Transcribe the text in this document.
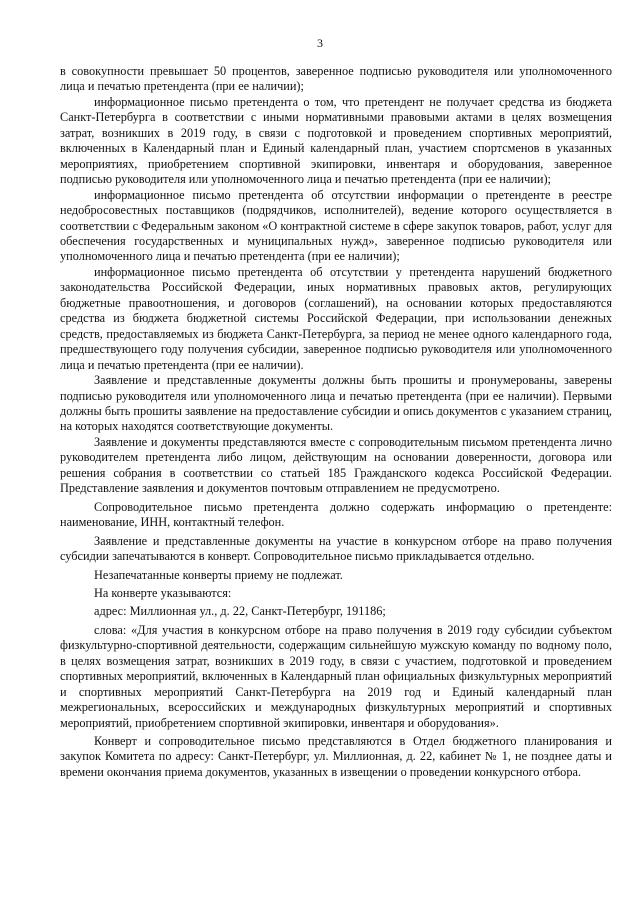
3

в совокупности превышает 50 процентов, заверенное подписью руководителя или уполномоченного лица и печатью претендента (при ее наличии);

информационное письмо претендента о том, что претендент не получает средства из бюджета Санкт-Петербурга в соответствии с иными нормативными правовыми актами в целях возмещения затрат, возникших в 2019 году, в связи с подготовкой и проведением спортивных мероприятий, включенных в Календарный план и Единый календарный план, участием спортсменов в указанных мероприятиях, приобретением спортивной экипировки, инвентаря и оборудования, заверенное подписью руководителя или уполномоченного лица и печатью претендента (при ее наличии);

информационное письмо претендента об отсутствии информации о претенденте в реестре недобросовестных поставщиков (подрядчиков, исполнителей), ведение которого осуществляется в соответствии с Федеральным законом «О контрактной системе в сфере закупок товаров, работ, услуг для обеспечения государственных и муниципальных нужд», заверенное подписью руководителя или уполномоченного лица и печатью претендента (при ее наличии);

информационное письмо претендента об отсутствии у претендента нарушений бюджетного законодательства Российской Федерации, иных нормативных правовых актов, регулирующих бюджетные правоотношения, и договоров (соглашений), на основании которых предоставляются средства из бюджета бюджетной системы Российской Федерации, при использовании денежных средств, предоставляемых из бюджета Санкт-Петербурга, за период не менее одного календарного года, предшествующего году получения субсидии, заверенное подписью руководителя или уполномоченного лица и печатью претендента (при ее наличии).

Заявление и представленные документы должны быть прошиты и пронумерованы, заверены подписью руководителя или уполномоченного лица и печатью претендента (при ее наличии). Первыми должны быть прошиты заявление на предоставление субсидии и опись документов с указанием страниц, на которых находятся соответствующие документы.

Заявление и документы представляются вместе с сопроводительным письмом претендента лично руководителем претендента либо лицом, действующим на основании доверенности, договора или решения собрания в соответствии со статьей 185 Гражданского кодекса Российской Федерации. Представление заявления и документов почтовым отправлением не предусмотрено.

Сопроводительное письмо претендента должно содержать информацию о претенденте: наименование, ИНН, контактный телефон.

Заявление и представленные документы на участие в конкурсном отборе на право получения субсидии запечатываются в конверт. Сопроводительное письмо прикладывается отдельно.

Незапечатанные конверты приему не подлежат.

На конверте указываются:

адрес: Миллионная ул., д. 22, Санкт-Петербург, 191186;

слова: «Для участия в конкурсном отборе на право получения в 2019 году субсидии субъектом физкультурно-спортивной деятельности, содержащим сильнейшую мужскую команду по водному поло, в целях возмещения затрат, возникших в 2019 году, в связи с участием, подготовкой и проведением спортивных мероприятий, включенных в Календарный план официальных физкультурных мероприятий и спортивных мероприятий Санкт-Петербурга на 2019 год и Единый календарный план межрегиональных, всероссийских и международных физкультурных мероприятий и спортивных мероприятий, приобретением спортивной экипировки, инвентаря и оборудования».

Конверт и сопроводительное письмо представляются в Отдел бюджетного планирования и закупок Комитета по адресу: Санкт-Петербург, ул. Миллионная, д. 22, кабинет № 1, не позднее даты и времени окончания приема документов, указанных в извещении о проведении конкурсного отбора.
